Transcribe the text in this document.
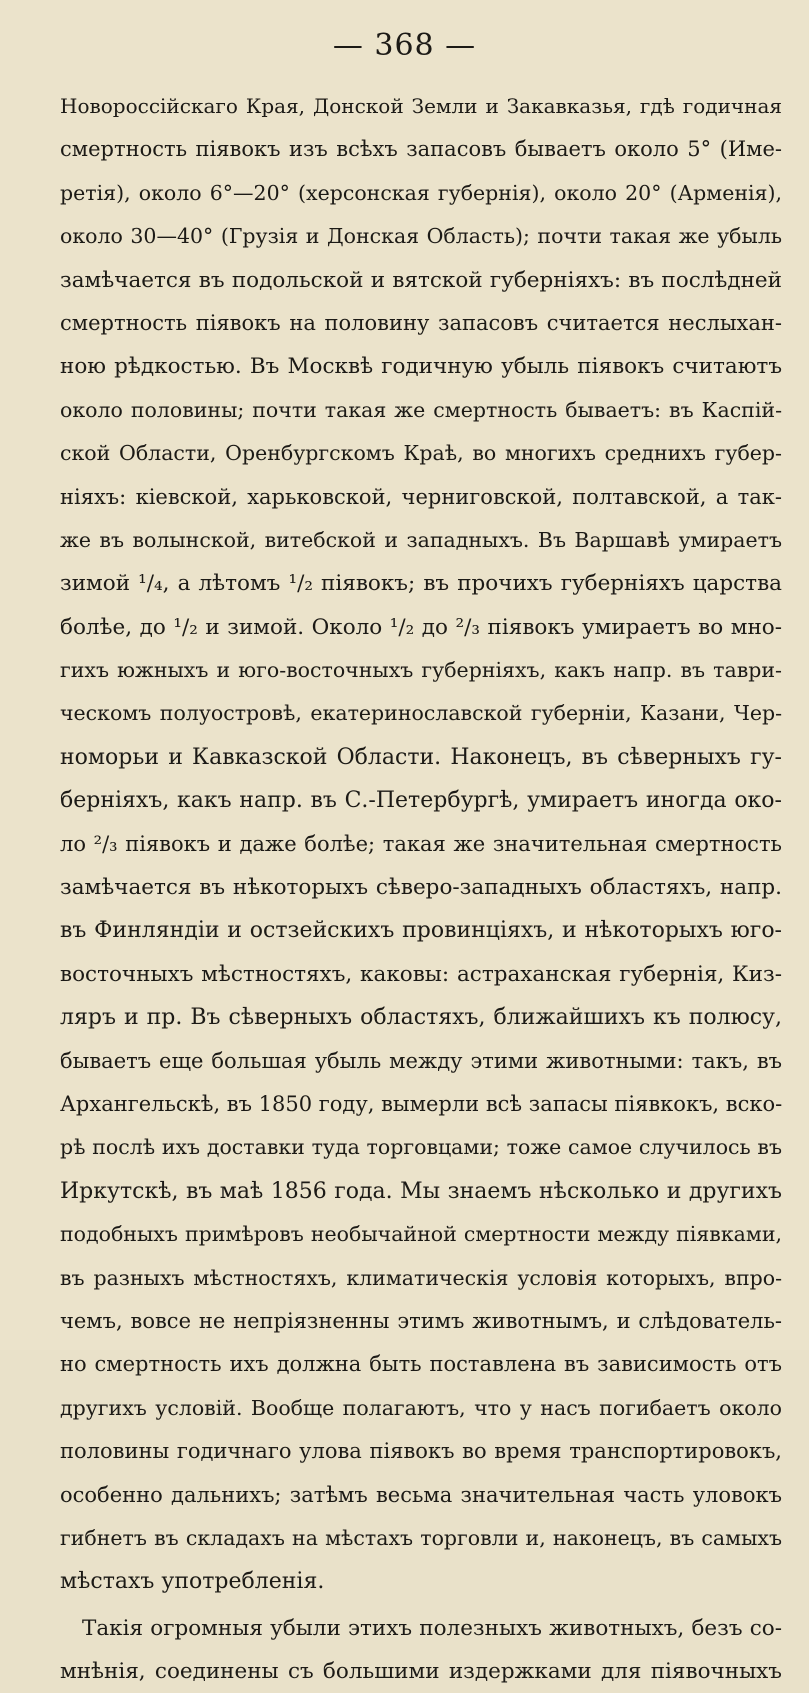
— 368 —
Новороссійскаго Края, Донской Земли и Закавказья, гдѣ годичная
смертность піявокъ изъ всѣхъ запасовъ бываетъ около 5° (Име-
ретія), около 6°—20° (херсонская губернія), около 20° (Арменія),
около 30—40° (Грузія и Донская Область); почти такая же убыль
замѣчается въ подольской и вятской губерніяхъ: въ послѣдней
смертность піявокъ на половину запасовъ считается неслыхан-
ною рѣдкостью. Въ Москвѣ годичную убыль піявокъ считаютъ
около половины; почти такая же смертность бываетъ: въ Каспій-
ской Области, Оренбургскомъ Краѣ, во многихъ среднихъ губер-
ніяхъ: кіевской, харьковской, черниговской, полтавской, а так-
же въ волынской, витебской и западныхъ. Въ Варшавѣ умираетъ
зимой ¹/₄, а лѣтомъ ¹/₂ піявокъ; въ прочихъ губерніяхъ царства
болѣе, до ¹/₂ и зимой. Около ¹/₂ до ²/₃ піявокъ умираетъ во мно-
гихъ южныхъ и юго-восточныхъ губерніяхъ, какъ напр. въ таври-
ческомъ полуостровѣ, екатеринославской губерніи, Казани, Чер-
номорьи и Кавказской Области. Наконецъ, въ сѣверныхъ гу-
берніяхъ, какъ напр. въ С.-Петербургѣ, умираетъ иногда око-
ло ²/₃ піявокъ и даже болѣе; такая же значительная смертность
замѣчается въ нѣкоторыхъ сѣверо-западныхъ областяхъ, напр.
въ Финляндіи и остзейскихъ провинціяхъ, и нѣкоторыхъ юго-
восточныхъ мѣстностяхъ, каковы: астраханская губернія, Киз-
ляръ и пр. Въ сѣверныхъ областяхъ, ближайшихъ къ полюсу,
бываетъ еще большая убыль между этими животными: такъ, въ
Архангельскѣ, въ 1850 году, вымерли всѣ запасы піявкокъ, вско-
рѣ послѣ ихъ доставки туда торговцами; тоже самое случилось въ
Иркутскѣ, въ маѣ 1856 года. Мы знаемъ нѣсколько и другихъ
подобныхъ примѣровъ необычайной смертности между піявками,
въ разныхъ мѣстностяхъ, климатическія условія которыхъ, впро-
чемъ, вовсе не непріязненны этимъ животнымъ, и слѣдователь-
но смертность ихъ должна быть поставлена въ зависимость отъ
другихъ условій. Вообще полагаютъ, что у насъ погибаетъ около
половины годичнаго улова піявокъ во время транспортировокъ,
особенно дальнихъ; затѣмъ весьма значительная часть уловокъ
гибнетъ въ складахъ на мѣстахъ торговли и, наконецъ, въ самыхъ
мѣстахъ употребленія.
Такія огромныя убыли этихъ полезныхъ животныхъ, безъ со-
мнѣнія, соединены съ большими издержками для піявочныхъ
